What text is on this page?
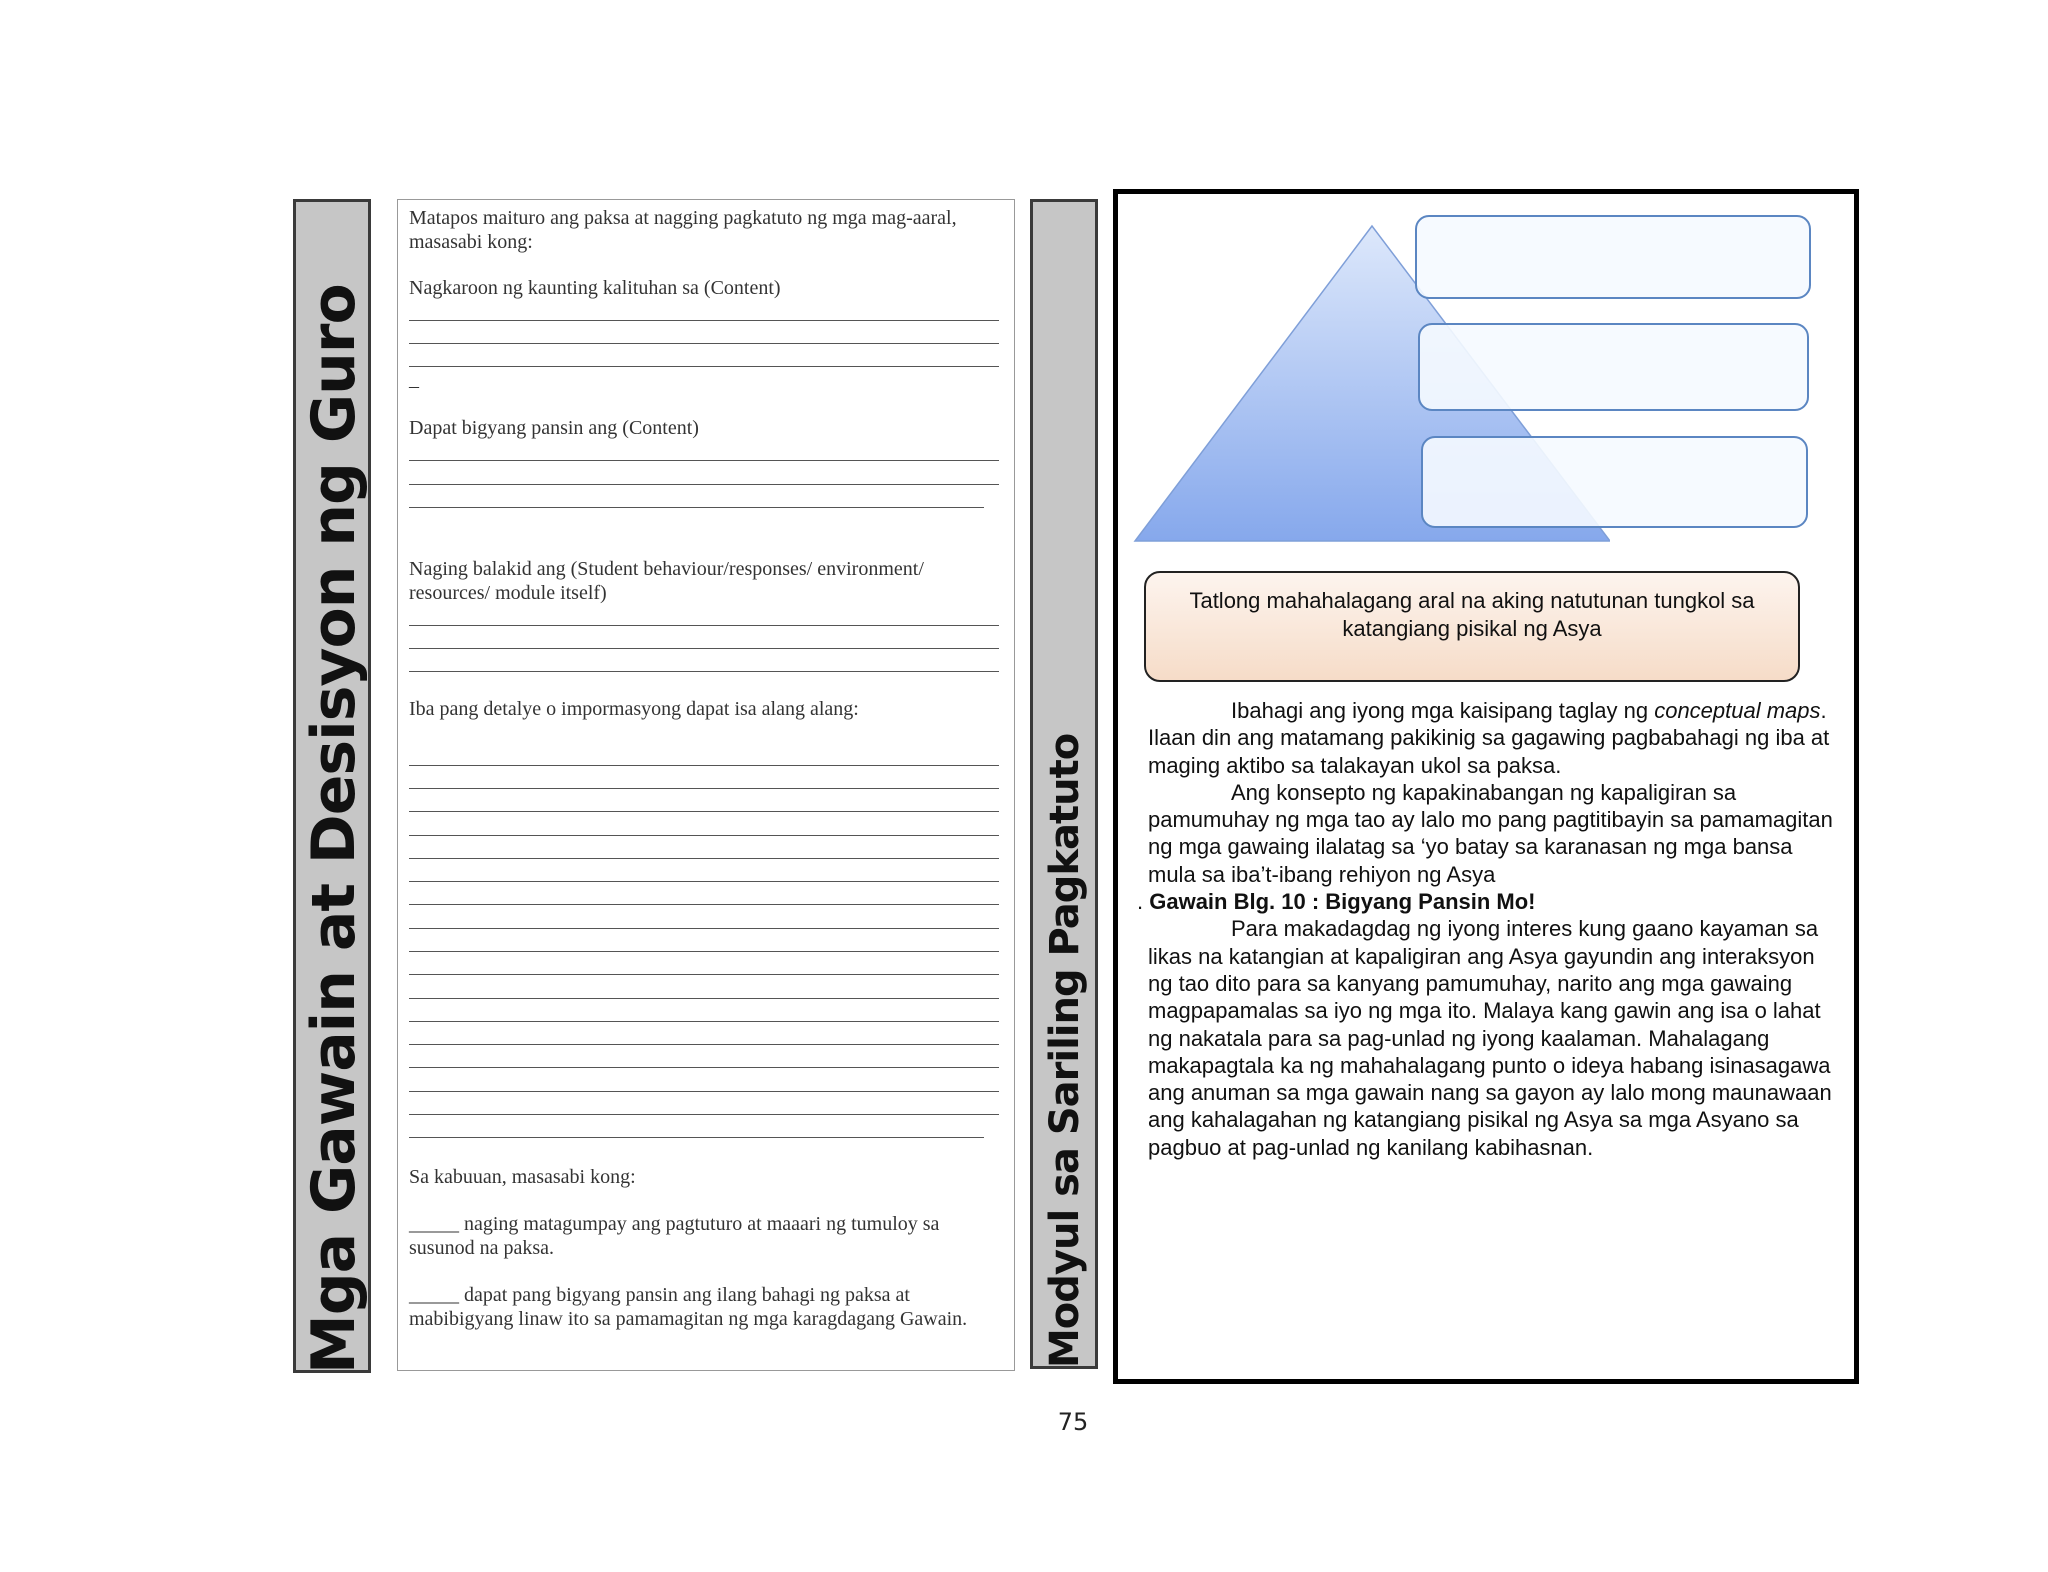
Mga Gawain at Desisyon ng Guro
Matapos maituro ang paksa at nagging pagkatuto ng mga mag-aaral, masasabi kong:
Nagkaroon ng kaunting kalituhan sa (Content)
–
Dapat bigyang pansin ang (Content)
Naging balakid ang (Student behaviour/responses/ environment/ resources/ module itself)
Iba pang detalye o impormasyong dapat isa alang alang:
Sa kabuuan, masasabi kong:
_____ naging matagumpay ang pagtuturo at maaari ng tumuloy sa susunod na paksa.
_____ dapat pang bigyang pansin ang ilang bahagi ng paksa at mabibigyang linaw ito sa pamamagitan ng mga karagdagang Gawain.	Modyul sa Sariling Pagkatuto
Tatlong mahahalagang aral na aking natutunan tungkol sa katangiang pisikal ng Asya

Ibahagi ang iyong mga kaisipang taglay ng conceptual maps. Ilaan din ang matamang pakikinig sa gagawing pagbabahagi ng iba at maging aktibo sa talakayan ukol sa paksa.

Ang konsepto ng kapakinabangan ng kapaligiran sa pamumuhay ng mga tao ay lalo mo pang pagtitibayin sa pamamagitan ng mga gawaing ilalatag sa ‘yo batay sa karanasan ng mga bansa mula sa iba’t-ibang rehiyon ng Asya

. Gawain Blg. 10 : Bigyang Pansin Mo!

Para makadagdag ng iyong interes kung gaano kayaman sa likas na katangian at kapaligiran ang Asya gayundin ang interaksyon ng tao dito para sa kanyang pamumuhay, narito ang mga gawaing magpapamalas sa iyo ng mga ito. Malaya kang gawin ang isa o lahat ng nakatala para sa pag-unlad ng iyong kaalaman. Mahalagang makapagtala ka ng mahahalagang punto o ideya habang isinasagawa ang anuman sa mga gawain nang sa gayon ay lalo mong maunawaan ang kahalagahan ng katangiang pisikal ng Asya sa mga Asyano sa pagbuo at pag-unlad ng kanilang kabihasnan.

75
